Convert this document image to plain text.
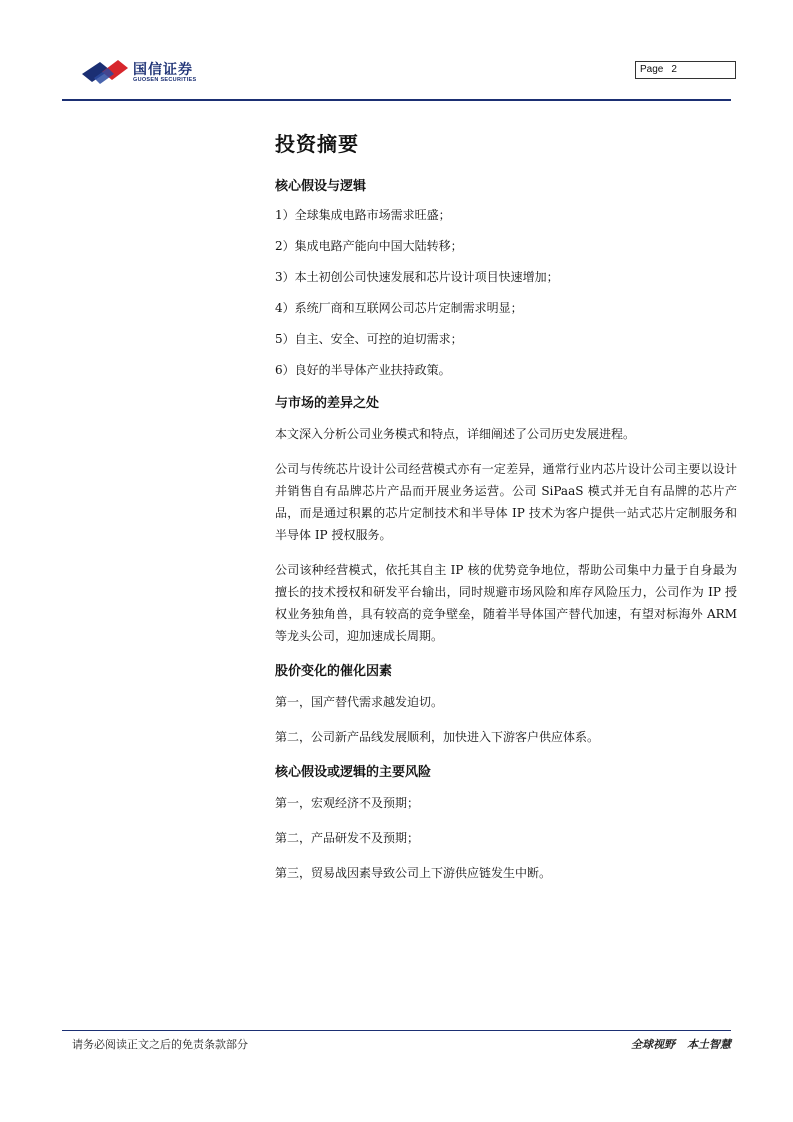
国信证券
GUOSEN SECURITIES
Page 2
投资摘要
核心假设与逻辑
1）全球集成电路市场需求旺盛；
2）集成电路产能向中国大陆转移；
3）本土初创公司快速发展和芯片设计项目快速增加；
4）系统厂商和互联网公司芯片定制需求明显；
5）自主、安全、可控的迫切需求；
6）良好的半导体产业扶持政策。
与市场的差异之处

本文深入分析公司业务模式和特点，详细阐述了公司历史发展进程。

公司与传统芯片设计公司经营模式亦有一定差异，通常行业内芯片设计公司主要以设计并销售自有品牌芯片产品而开展业务运营。公司 SiPaaS 模式并无自有品牌的芯片产品，而是通过积累的芯片定制技术和半导体 IP 技术为客户提供一站式芯片定制服务和半导体 IP 授权服务。

公司该种经营模式，依托其自主 IP 核的优势竞争地位，帮助公司集中力量于自身最为擅长的技术授权和研发平台输出，同时规避市场风险和库存风险压力，公司作为 IP 授权业务独角兽，具有较高的竞争壁垒，随着半导体国产替代加速，有望对标海外 ARM 等龙头公司，迎加速成长周期。

股价变化的催化因素

第一，国产替代需求越发迫切。

第二，公司新产品线发展顺利，加快进入下游客户供应体系。

核心假设或逻辑的主要风险

第一，宏观经济不及预期；

第二，产品研发不及预期；

第三，贸易战因素导致公司上下游供应链发生中断。

请务必阅读正文之后的免责条款部分	全球视野 本土智慧
